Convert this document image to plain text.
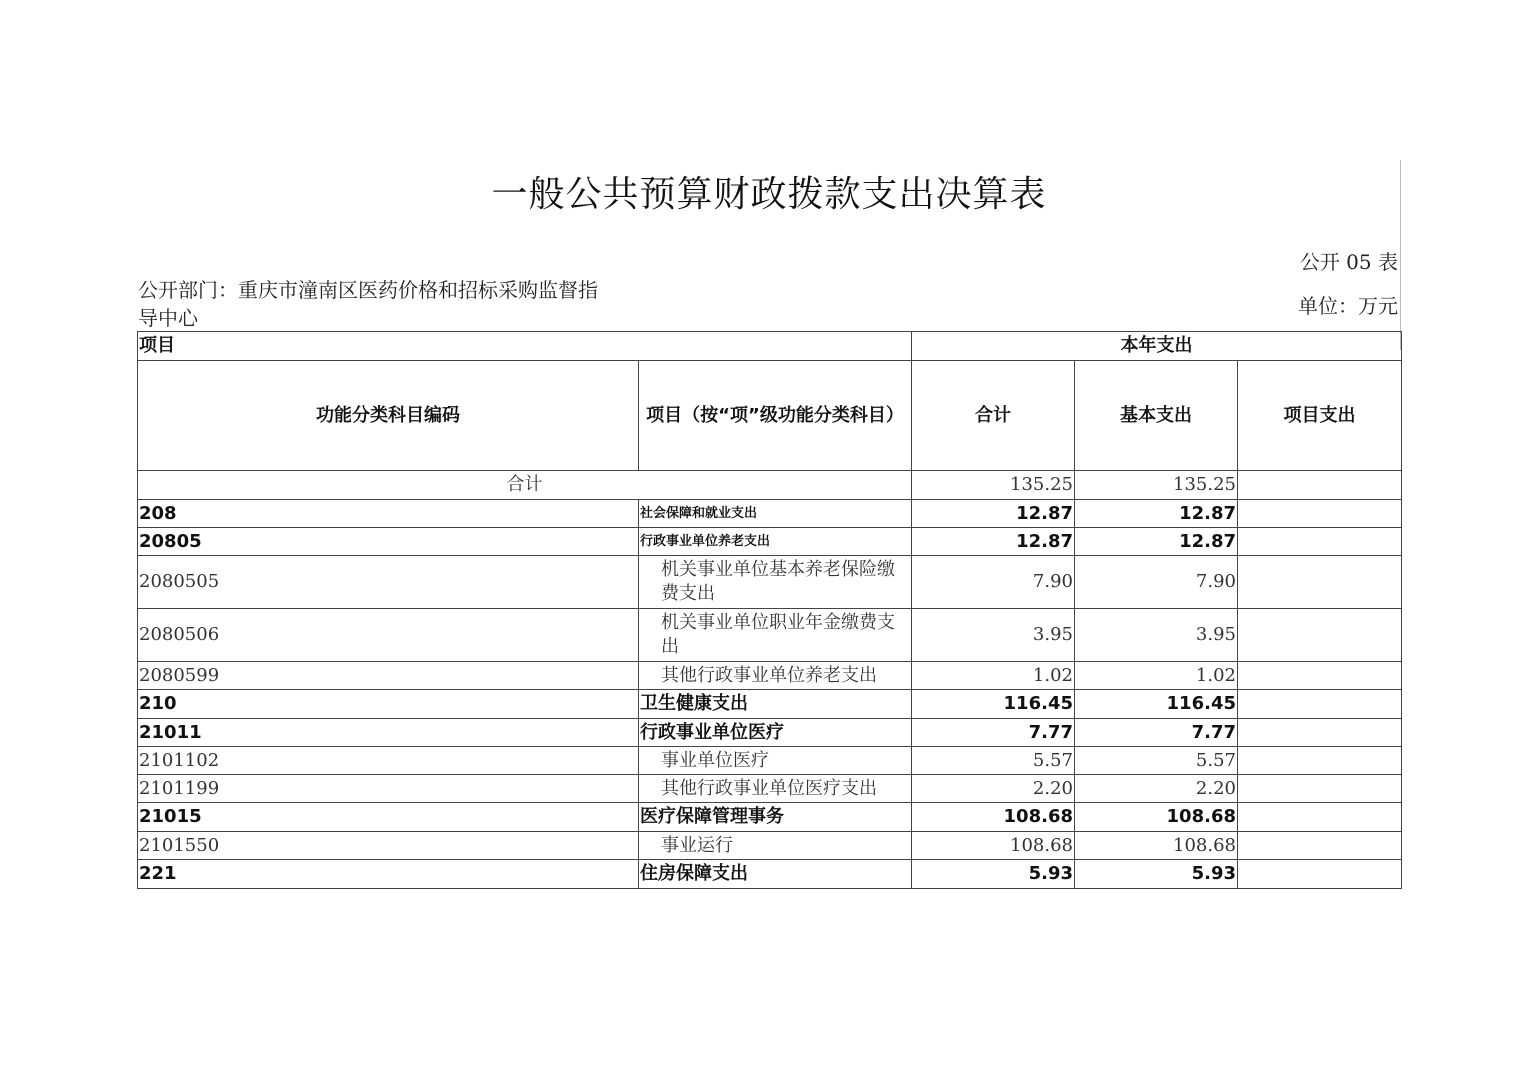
一般公共预算财政拨款支出决算表
公开 05 表
公开部门：重庆市潼南区医药价格和招标采购监督指导中心	单位：万元
项目		本年支出		
功能分类科目编码	项目（按“项”级功能分类科目）	合计	基本支出	项目支出
合计		135.25	135.25	
208	社会保障和就业支出	12.87	12.87	
20805	行政事业单位养老支出	12.87	12.87	
2080505	机关事业单位基本养老保险缴费支出	7.90	7.90	
2080506	机关事业单位职业年金缴费支出	3.95	3.95	
2080599	其他行政事业单位养老支出	1.02	1.02	
210	卫生健康支出	116.45	116.45	
21011	行政事业单位医疗	7.77	7.77	
2101102	事业单位医疗	5.57	5.57	
2101199	其他行政事业单位医疗支出	2.20	2.20	
21015	医疗保障管理事务	108.68	108.68	
2101550	事业运行	108.68	108.68	
221	住房保障支出	5.93	5.93	
